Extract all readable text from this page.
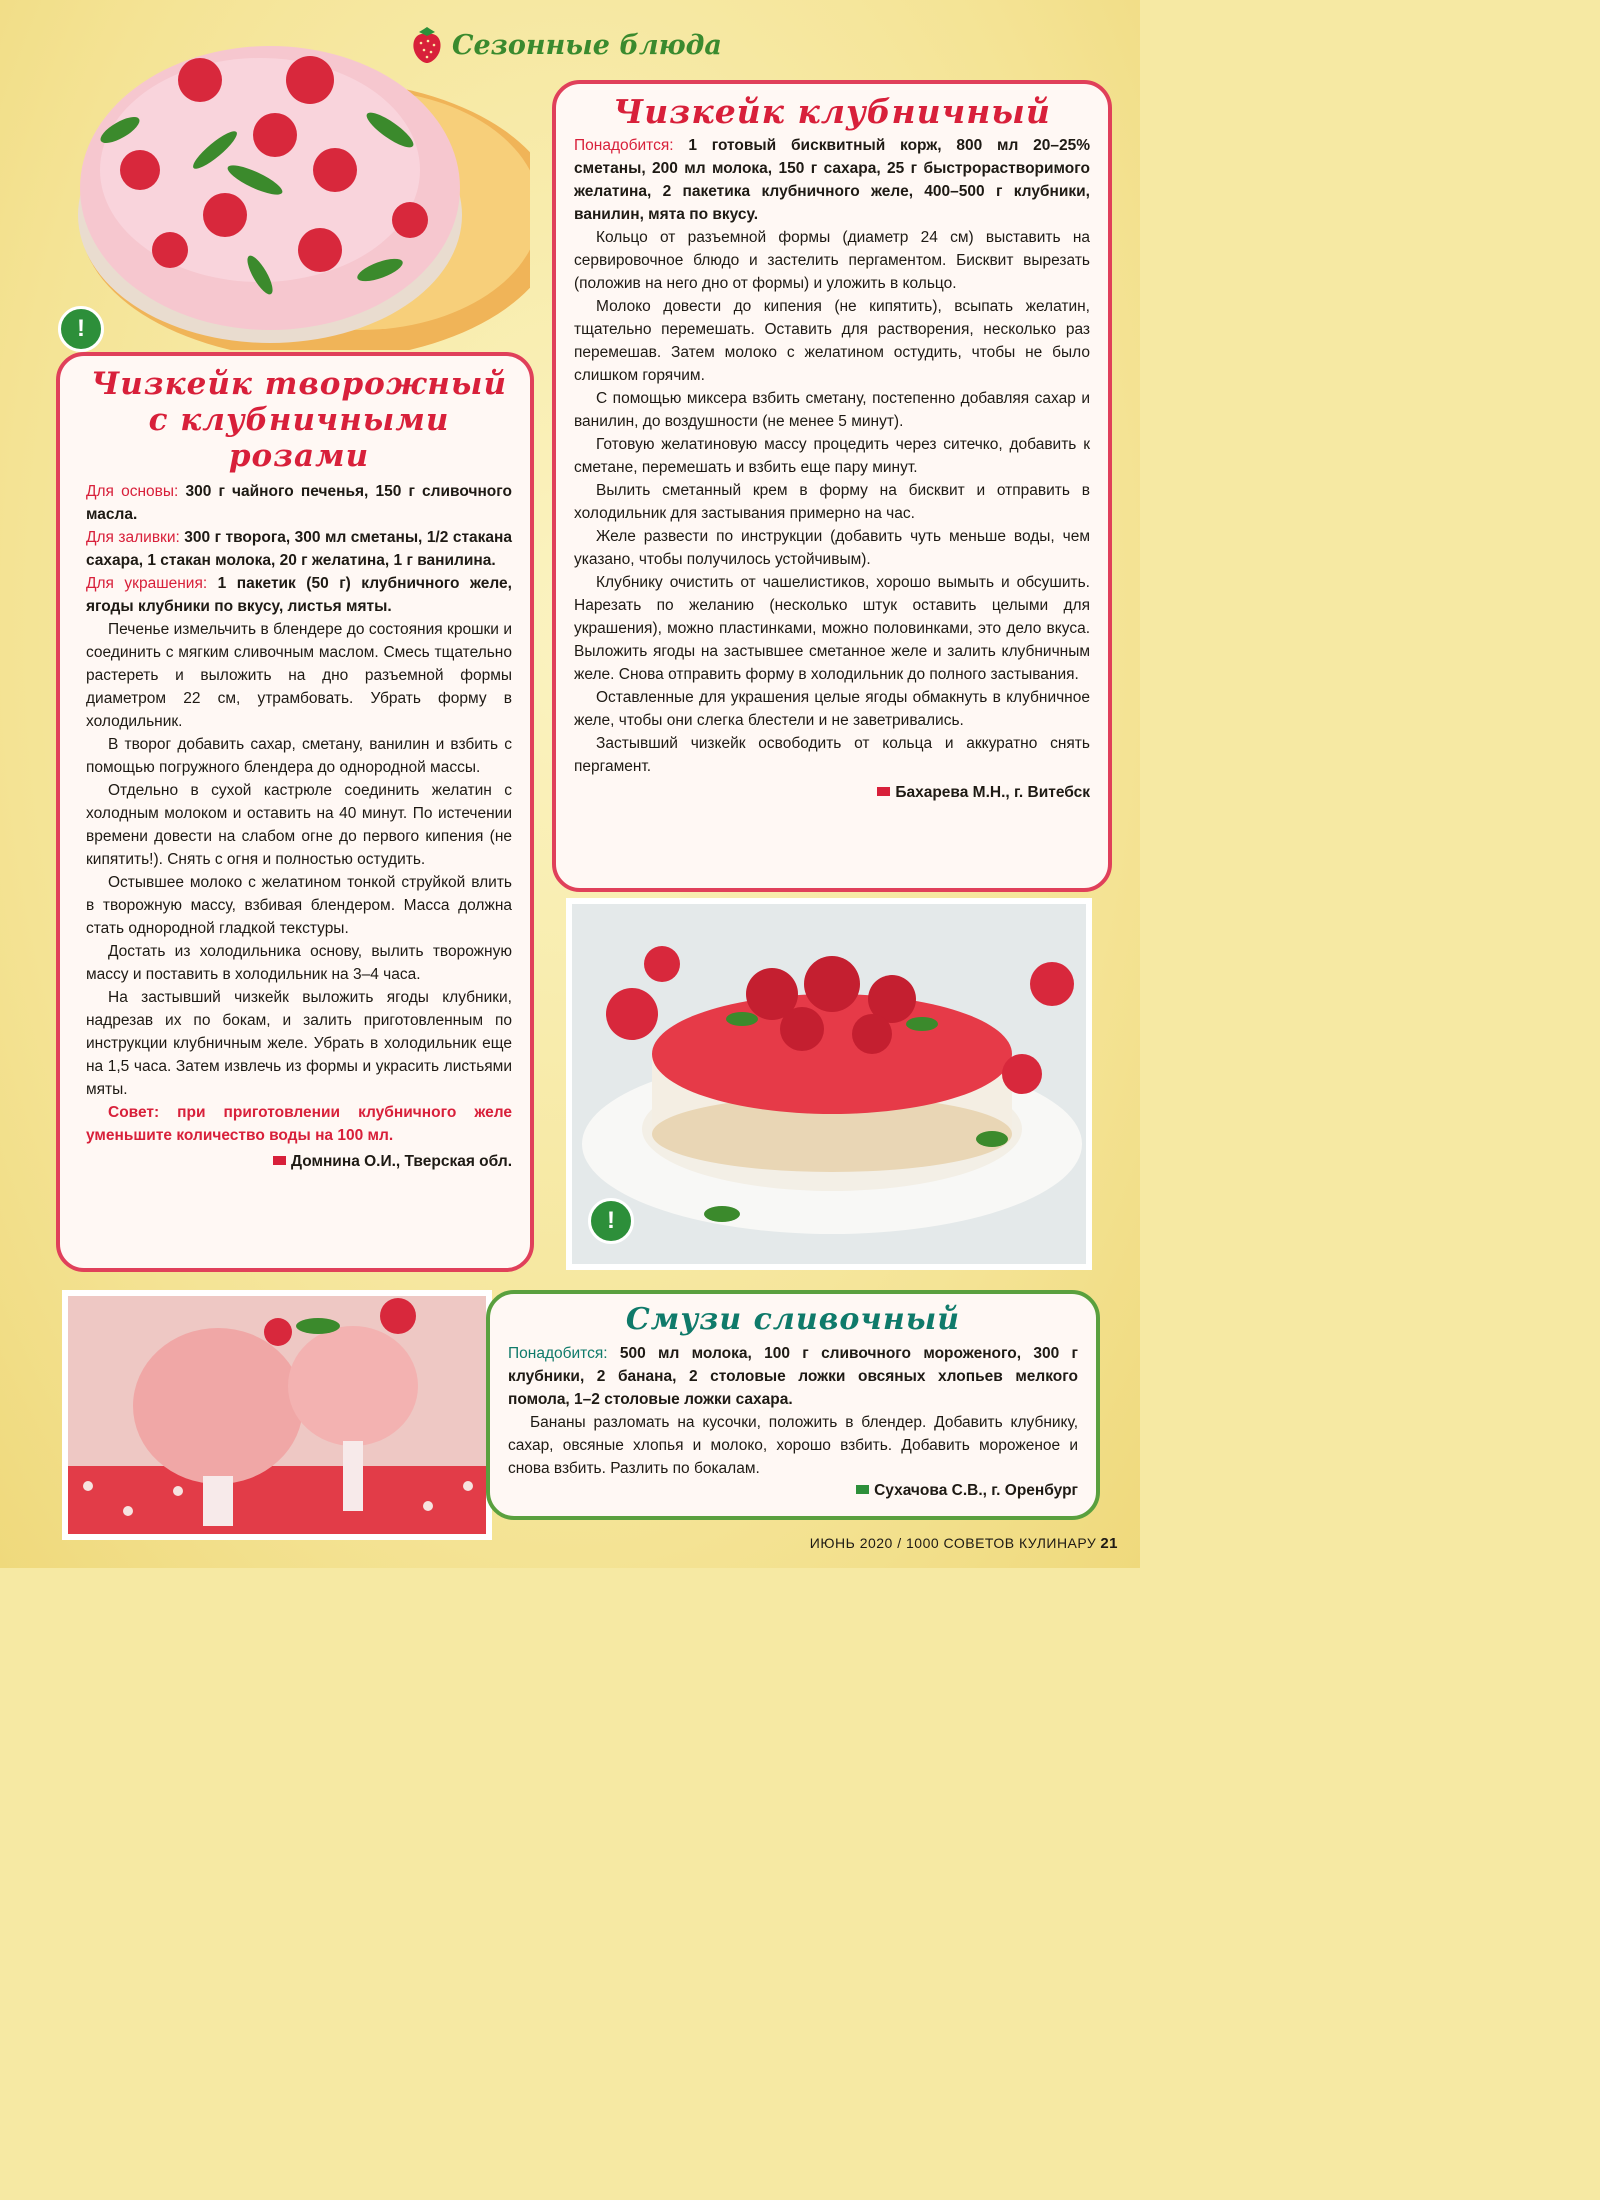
Сезонные блюда
!
Чизкейк творожный
с клубничными розами

Для основы: 300 г чайного печенья, 150 г сливочного масла.

Для заливки: 300 г творога, 300 мл сметаны, 1/2 стакана сахара, 1 стакан молока, 20 г желатина, 1 г ванилина.

Для украшения: 1 пакетик (50 г) клубничного желе, ягоды клубники по вкусу, листья мяты.

Печенье измельчить в блендере до состояния крошки и соединить с мягким сливочным маслом. Смесь тщательно растереть и выложить на дно разъемной формы диаметром 22 см, утрамбовать. Убрать форму в холодильник.

В творог добавить сахар, сметану, ванилин и взбить с помощью погружного блендера до однородной массы.

Отдельно в сухой кастрюле соединить желатин с холодным молоком и оставить на 40 минут. По истечении времени довести на слабом огне до первого кипения (не кипятить!). Снять с огня и полностью остудить.

Остывшее молоко с желатином тонкой струйкой влить в творожную массу, взбивая блендером. Масса должна стать однородной гладкой текстуры.

Достать из холодильника основу, вылить творожную массу и поставить в холодильник на 3–4 часа.

На застывший чизкейк выложить ягоды клубники, надрезав их по бокам, и залить приготовленным по инструкции клубничным желе. Убрать в холодильник еще на 1,5 часа. Затем извлечь из формы и украсить листьями мяты.

Совет: при приготовлении клубничного желе уменьшите количество воды на 100 мл.

Домнина О.И., Тверская обл.
Чизкейк клубничный

Понадобится: 1 готовый бисквитный корж, 800 мл 20–25% сметаны, 200 мл молока, 150 г сахара, 25 г быстрорастворимого желатина, 2 пакетика клубничного желе, 400–500 г клубники, ванилин, мята по вкусу.

Кольцо от разъемной формы (диаметр 24 см) выставить на сервировочное блюдо и застелить пергаментом. Бисквит вырезать (положив на него дно от формы) и уложить в кольцо.

Молоко довести до кипения (не кипятить), всыпать желатин, тщательно перемешать. Оставить для растворения, несколько раз перемешав. Затем молоко с желатином остудить, чтобы не было слишком горячим.

С помощью миксера взбить сметану, постепенно добавляя сахар и ванилин, до воздушности (не менее 5 минут).

Готовую желатиновую массу процедить через ситечко, добавить к сметане, перемешать и взбить еще пару минут.

Вылить сметанный крем в форму на бисквит и отправить в холодильник для застывания примерно на час.

Желе развести по инструкции (добавить чуть меньше воды, чем указано, чтобы получилось устойчивым).

Клубнику очистить от чашелистиков, хорошо вымыть и обсушить. Нарезать по желанию (несколько штук оставить целыми для украшения), можно пластинками, можно половинками, это дело вкуса. Выложить ягоды на застывшее сметанное желе и залить клубничным желе. Снова отправить форму в холодильник до полного застывания.

Оставленные для украшения целые ягоды обмакнуть в клубничное желе, чтобы они слегка блестели и не заветривались.

Застывший чизкейк освободить от кольца и аккуратно снять пергамент.

Бахарева М.Н., г. Витебск
!
Смузи сливочный

Понадобится: 500 мл молока, 100 г сливочного мороженого, 300 г клубники, 2 банана, 2 столовые ложки овсяных хлопьев мелкого помола, 1–2 столовые ложки сахара.

Бананы разломать на кусочки, положить в блендер. Добавить клубнику, сахар, овсяные хлопья и молоко, хорошо взбить. Добавить мороженое и снова взбить. Разлить по бокалам.

Сухачова С.В., г. Оренбург
ИЮНЬ 2020 / 1000 СОВЕТОВ КУЛИНАРУ 21
